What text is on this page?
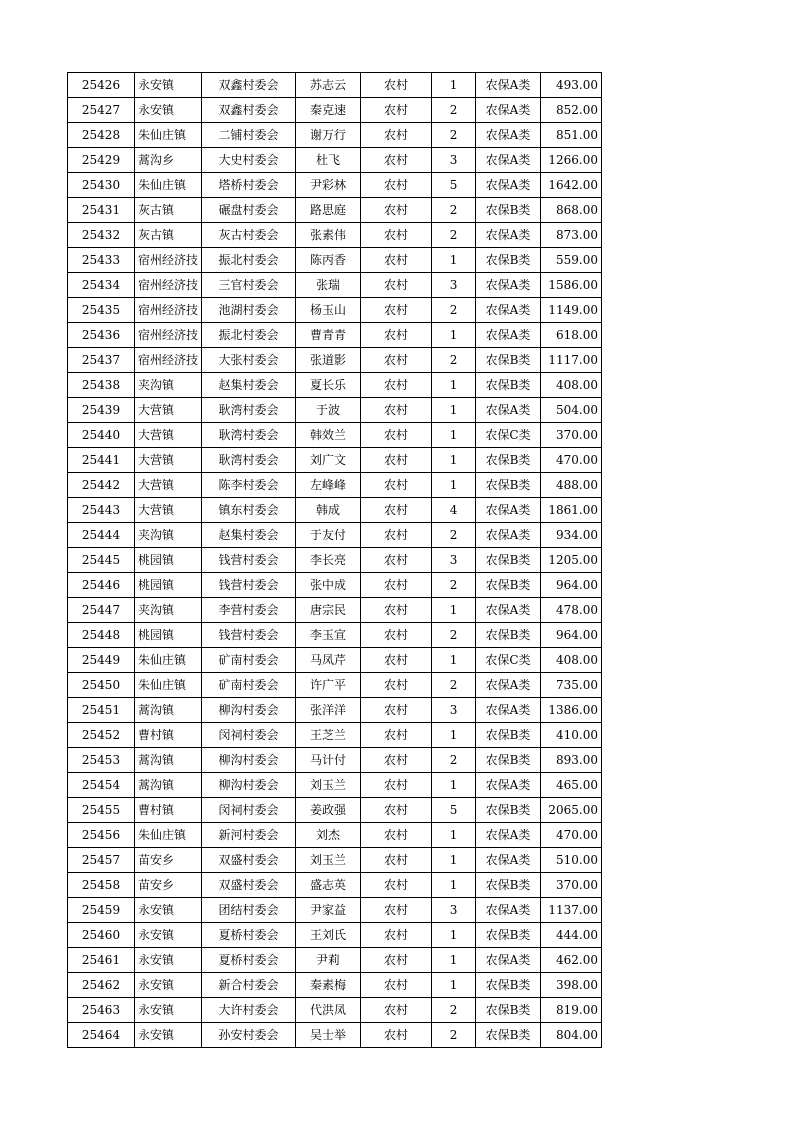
25426	永安镇	双鑫村委会	苏志云	农村	1	农保A类	493.00
25427	永安镇	双鑫村委会	秦克速	农村	2	农保A类	852.00
25428	朱仙庄镇	二铺村委会	谢万行	农村	2	农保A类	851.00
25429	蒿沟乡	大史村委会	杜飞	农村	3	农保A类	1266.00
25430	朱仙庄镇	塔桥村委会	尹彩林	农村	5	农保A类	1642.00
25431	灰古镇	碾盘村委会	路思庭	农村	2	农保B类	868.00
25432	灰古镇	灰古村委会	张素伟	农村	2	农保A类	873.00
25433	宿州经济技	振北村委会	陈丙香	农村	1	农保B类	559.00
25434	宿州经济技	三官村委会	张瑞	农村	3	农保A类	1586.00
25435	宿州经济技	池湖村委会	杨玉山	农村	2	农保A类	1149.00
25436	宿州经济技	振北村委会	曹青青	农村	1	农保A类	618.00
25437	宿州经济技	大张村委会	张道影	农村	2	农保B类	1117.00
25438	夹沟镇	赵集村委会	夏长乐	农村	1	农保B类	408.00
25439	大营镇	耿湾村委会	于波	农村	1	农保A类	504.00
25440	大营镇	耿湾村委会	韩效兰	农村	1	农保C类	370.00
25441	大营镇	耿湾村委会	刘广文	农村	1	农保B类	470.00
25442	大营镇	陈李村委会	左峰峰	农村	1	农保B类	488.00
25443	大营镇	镇东村委会	韩成	农村	4	农保A类	1861.00
25444	夹沟镇	赵集村委会	于友付	农村	2	农保A类	934.00
25445	桃园镇	钱营村委会	李长亮	农村	3	农保B类	1205.00
25446	桃园镇	钱营村委会	张中成	农村	2	农保B类	964.00
25447	夹沟镇	李营村委会	唐宗民	农村	1	农保A类	478.00
25448	桃园镇	钱营村委会	李玉宣	农村	2	农保B类	964.00
25449	朱仙庄镇	矿南村委会	马凤芹	农村	1	农保C类	408.00
25450	朱仙庄镇	矿南村委会	许广平	农村	2	农保A类	735.00
25451	蒿沟镇	柳沟村委会	张洋洋	农村	3	农保A类	1386.00
25452	曹村镇	闵祠村委会	王芝兰	农村	1	农保B类	410.00
25453	蒿沟镇	柳沟村委会	马计付	农村	2	农保B类	893.00
25454	蒿沟镇	柳沟村委会	刘玉兰	农村	1	农保A类	465.00
25455	曹村镇	闵祠村委会	姜政强	农村	5	农保B类	2065.00
25456	朱仙庄镇	新河村委会	刘杰	农村	1	农保A类	470.00
25457	苗安乡	双盛村委会	刘玉兰	农村	1	农保A类	510.00
25458	苗安乡	双盛村委会	盛志英	农村	1	农保B类	370.00
25459	永安镇	团结村委会	尹家益	农村	3	农保A类	1137.00
25460	永安镇	夏桥村委会	王刘氏	农村	1	农保B类	444.00
25461	永安镇	夏桥村委会	尹莉	农村	1	农保A类	462.00
25462	永安镇	新合村委会	秦素梅	农村	1	农保B类	398.00
25463	永安镇	大许村委会	代洪凤	农村	2	农保B类	819.00
25464	永安镇	孙安村委会	吴士举	农村	2	农保B类	804.00
